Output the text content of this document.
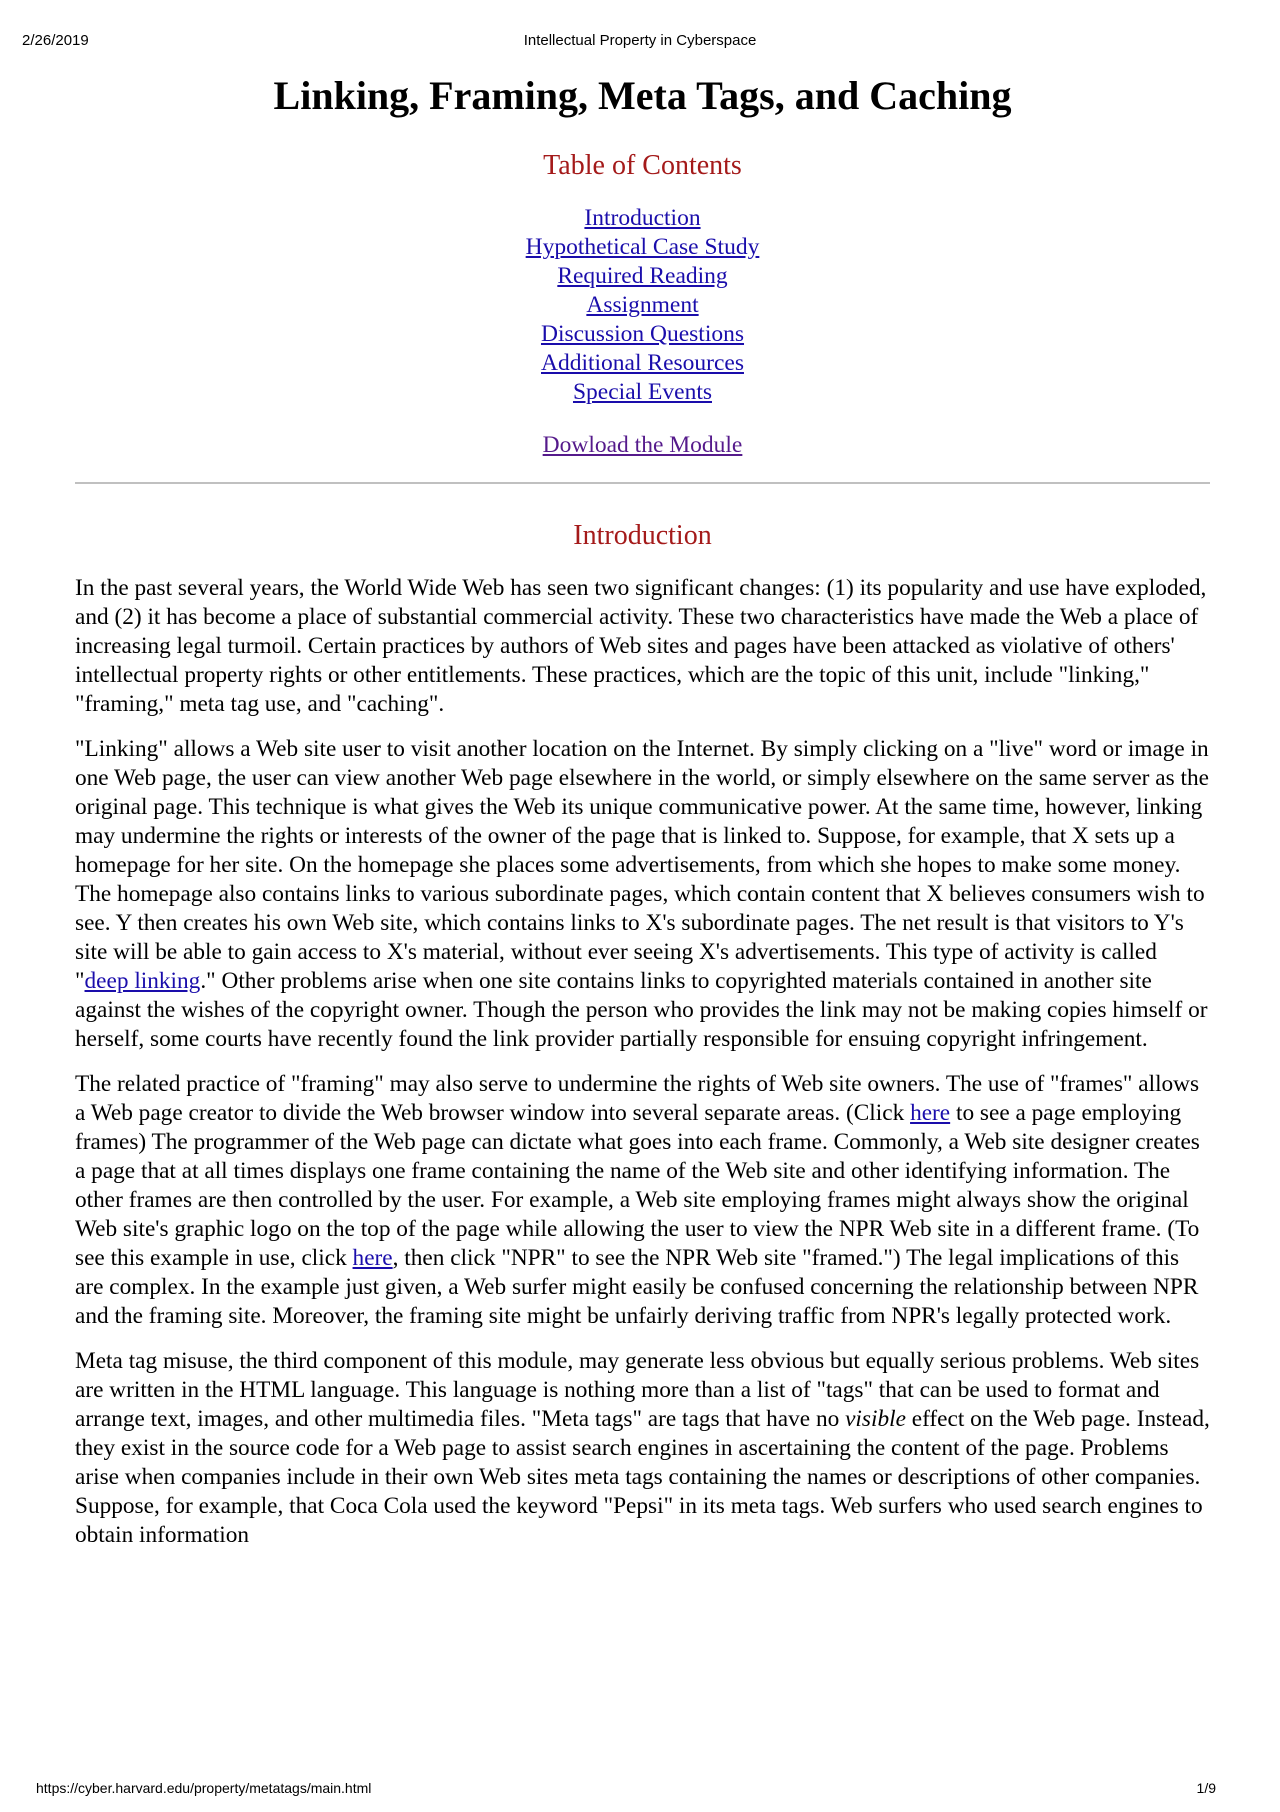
2/26/2019	Intellectual Property in Cyberspace
Linking, Framing, Meta Tags, and Caching
Table of Contents
Introduction
Hypothetical Case Study
Required Reading
Assignment
Discussion Questions
Additional Resources
Special Events
Dowload the Module
Introduction

In the past several years, the World Wide Web has seen two significant changes: (1) its popularity and use have exploded, and (2) it has become a place of substantial commercial activity. These two characteristics have made the Web a place of increasing legal turmoil. Certain practices by authors of Web sites and pages have been attacked as violative of others' intellectual property rights or other entitlements. These practices, which are the topic of this unit, include "linking," "framing," meta tag use, and "caching".

"Linking" allows a Web site user to visit another location on the Internet. By simply clicking on a "live" word or image in one Web page, the user can view another Web page elsewhere in the world, or simply elsewhere on the same server as the original page. This technique is what gives the Web its unique communicative power. At the same time, however, linking may undermine the rights or interests of the owner of the page that is linked to. Suppose, for example, that X sets up a homepage for her site. On the homepage she places some advertisements, from which she hopes to make some money. The homepage also contains links to various subordinate pages, which contain content that X believes consumers wish to see. Y then creates his own Web site, which contains links to X's subordinate pages. The net result is that visitors to Y's site will be able to gain access to X's material, without ever seeing X's advertisements. This type of activity is called "deep linking." Other problems arise when one site contains links to copyrighted materials contained in another site against the wishes of the copyright owner. Though the person who provides the link may not be making copies himself or herself, some courts have recently found the link provider partially responsible for ensuing copyright infringement.

The related practice of "framing" may also serve to undermine the rights of Web site owners. The use of "frames" allows a Web page creator to divide the Web browser window into several separate areas. (Click here to see a page employing frames) The programmer of the Web page can dictate what goes into each frame. Commonly, a Web site designer creates a page that at all times displays one frame containing the name of the Web site and other identifying information. The other frames are then controlled by the user. For example, a Web site employing frames might always show the original Web site's graphic logo on the top of the page while allowing the user to view the NPR Web site in a different frame. (To see this example in use, click here, then click "NPR" to see the NPR Web site "framed.") The legal implications of this are complex. In the example just given, a Web surfer might easily be confused concerning the relationship between NPR and the framing site. Moreover, the framing site might be unfairly deriving traffic from NPR's legally protected work.

Meta tag misuse, the third component of this module, may generate less obvious but equally serious problems. Web sites are written in the HTML language. This language is nothing more than a list of "tags" that can be used to format and arrange text, images, and other multimedia files. "Meta tags" are tags that have no visible effect on the Web page. Instead, they exist in the source code for a Web page to assist search engines in ascertaining the content of the page. Problems arise when companies include in their own Web sites meta tags containing the names or descriptions of other companies. Suppose, for example, that Coca Cola used the keyword "Pepsi" in its meta tags. Web surfers who used search engines to obtain information

https://cyber.harvard.edu/property/metatags/main.html	1/9
